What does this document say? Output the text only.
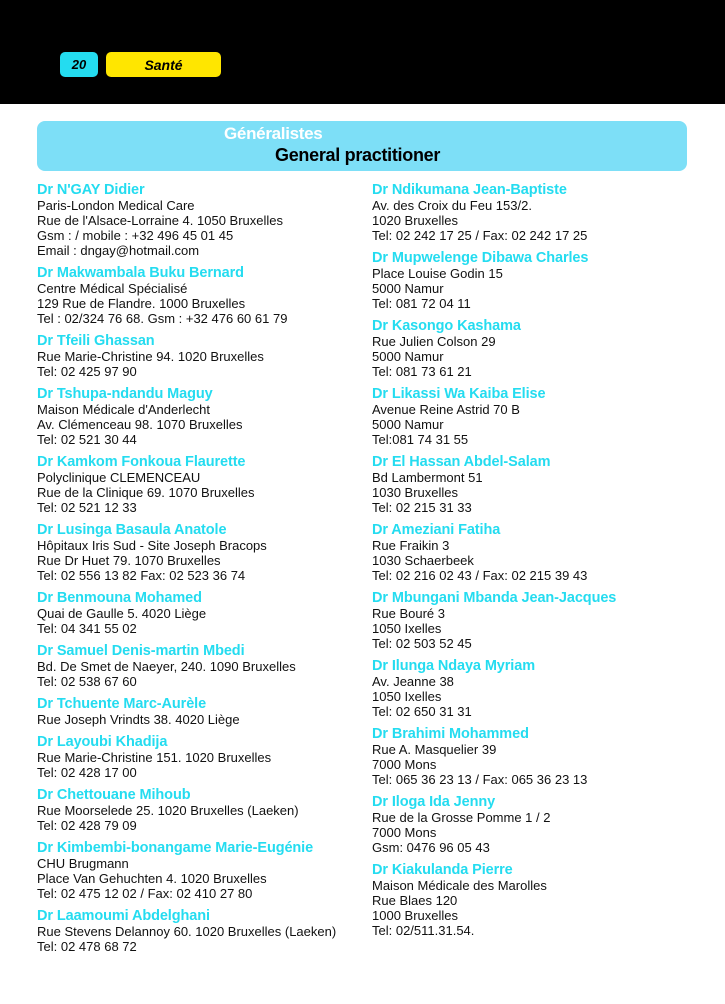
20	Santé
Généralistes
General practitioner
Dr N'GAY Didier
Paris-London Medical Care
Rue de l'Alsace-Lorraine 4. 1050 Bruxelles
Gsm : / mobile : +32 496 45 01 45
Email : dngay@hotmail.com
Dr Makwambala Buku Bernard
Centre Médical Spécialisé
129 Rue de Flandre. 1000 Bruxelles
Tel : 02/324 76 68. Gsm : +32 476 60 61 79
Dr Tfeili Ghassan
Rue Marie-Christine 94. 1020 Bruxelles
Tel: 02 425 97 90
Dr Tshupa-ndandu Maguy
Maison Médicale d'Anderlecht
Av. Clémenceau 98. 1070 Bruxelles
Tel: 02 521 30 44
Dr Kamkom Fonkoua Flaurette
Polyclinique CLEMENCEAU
Rue de la Clinique 69. 1070 Bruxelles
Tel: 02 521 12 33
Dr Lusinga Basaula Anatole
Hôpitaux Iris Sud - Site Joseph Bracops
Rue Dr Huet 79. 1070 Bruxelles
Tel: 02 556 13 82 Fax: 02 523 36 74
Dr Benmouna Mohamed
Quai de Gaulle 5. 4020 Liège
Tel: 04 341 55 02
Dr Samuel Denis-martin Mbedi
Bd. De Smet de Naeyer, 240. 1090 Bruxelles
Tel: 02 538 67 60
Dr Tchuente Marc-Aurèle
Rue Joseph Vrindts 38. 4020 Liège
Dr Layoubi Khadija
Rue Marie-Christine 151. 1020 Bruxelles
Tel: 02 428 17 00
Dr Chettouane Mihoub
Rue Moorselede 25. 1020 Bruxelles (Laeken)
Tel: 02 428 79 09
Dr Kimbembi-bonangame Marie-Eugénie
CHU Brugmann
Place Van Gehuchten 4. 1020 Bruxelles
Tel: 02 475 12 02 / Fax: 02 410 27 80
Dr Laamoumi Abdelghani
Rue Stevens Delannoy 60. 1020 Bruxelles (Laeken)
Tel: 02 478 68 72
Dr Ndikumana Jean-Baptiste
Av. des Croix du Feu 153/2.
1020 Bruxelles
Tel: 02 242 17 25 / Fax: 02 242 17 25
Dr Mupwelenge Dibawa Charles
Place Louise Godin 15
5000 Namur
Tel: 081 72 04 11
Dr Kasongo Kashama
Rue Julien Colson 29
5000 Namur
Tel: 081 73 61 21
Dr Likassi Wa Kaiba Elise
Avenue Reine Astrid 70 B
5000 Namur
Tel:081 74 31 55
Dr El Hassan Abdel-Salam
Bd Lambermont 51
1030 Bruxelles
Tel: 02 215 31 33
Dr Ameziani Fatiha
Rue Fraikin 3
1030 Schaerbeek
Tel: 02 216 02 43 / Fax: 02 215 39 43
Dr Mbungani Mbanda Jean-Jacques
Rue Bouré 3
1050 Ixelles
Tel: 02 503 52 45
Dr Ilunga Ndaya Myriam
Av. Jeanne 38
1050 Ixelles
Tel: 02 650 31 31
Dr Brahimi Mohammed
Rue A. Masquelier 39
7000 Mons
Tel: 065 36 23 13 / Fax: 065 36 23 13
Dr Iloga Ida Jenny
Rue de la Grosse Pomme 1 / 2
7000 Mons
Gsm: 0476 96 05 43
Dr Kiakulanda Pierre
Maison Médicale des Marolles
Rue Blaes 120
1000 Bruxelles
Tel: 02/511.31.54.
